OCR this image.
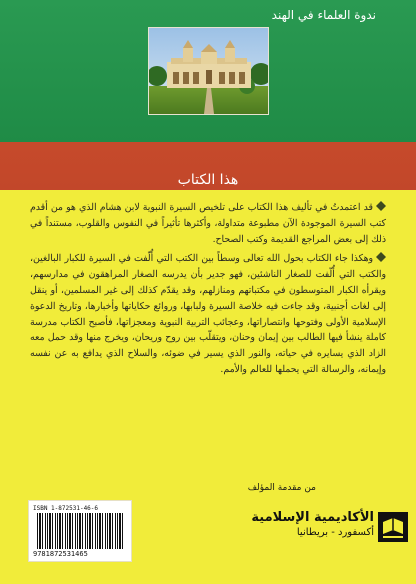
ندوة العلماء في الهند
هذا الكتاب

قد اعتمدتُ في تأليف هذا الكتاب على تلخيص السيرة النبوية لابن هشام الذي هو من أقدم كتب السيرة الموجودة الآن مطبوعة متداولة، وأكثرها تأثيراً في النفوس والقلوب، مستنداً في ذلك إلى بعض المراجع القديمة وكتب الصحاح.

وهكذا جاء الكتاب بحول الله تعالى وسطاً بين الكتب التي أُلّفت في السيرة للكبار البالغين، والكتب التي أُلّفت للصغار الناشئين، فهو جدير بأن يدرسه الصغار المراهقون في مدارسهم، ويقرأه الكبار المتوسطون في مكتباتهم ومنازلهم، وقد يقدّم كذلك إلى غير المسلمين، أو ينقل إلى لغات أجنبية، وقد جاءت فيه خلاصة السيرة ولبابها، وروائع حكاياتها وأخبارها، وتاريخ الدعوة الإسلامية الأولى وفتوحها وانتصاراتها، وعجائب التربية النبوية ومعجزاتها، فأصبح الكتاب مدرسة كاملة ينشأ فيها الطالب بين إيمان وحنان، ويتقلّب بين روح وريحان، ويخرج منها وقد حمل معه الزاد الذي يسايره في حياته، والنور الذي يسير في ضوئه، والسلاح الذي يدافع به عن نفسه وإيمانه، والرسالة التي يحملها للعالم والأمم.

من مقدمة المؤلف
ISBN 1-872531-46-6
9781872531465
الأكاديمية الإسلامية
أكسفورد - بريطانيا
